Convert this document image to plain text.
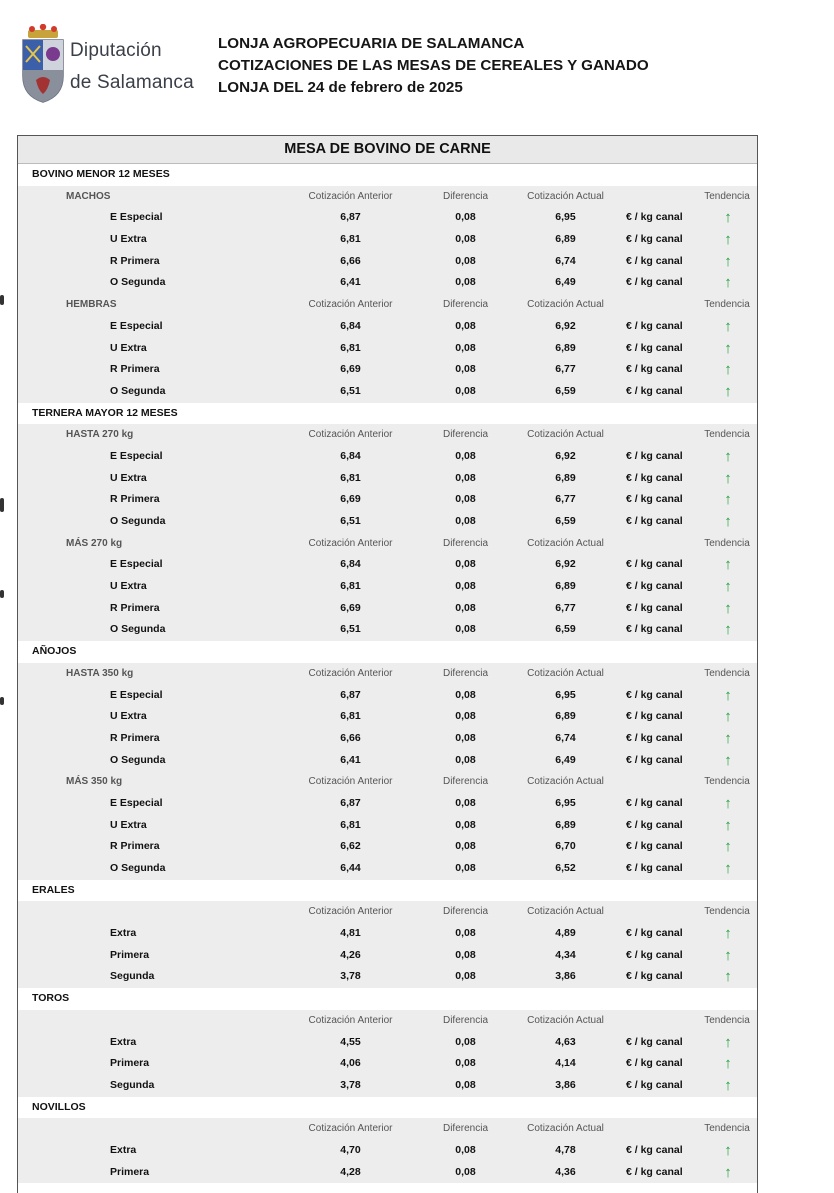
Diputación
de Salamanca
LONJA AGROPECUARIA DE SALAMANCA
COTIZACIONES DE LAS MESAS DE CEREALES Y GANADO
LONJA DEL 24 de febrero de 2025
MESA DE BOVINO DE CARNE
BOVINO MENOR 12 MESES
MACHOS	Cotización Anterior	Diferencia	Cotización Actual	Tendencia
E Especial	6,87	0,08	6,95	€ / kg canal	↑
U Extra	6,81	0,08	6,89	€ / kg canal	↑
R Primera	6,66	0,08	6,74	€ / kg canal	↑
O Segunda	6,41	0,08	6,49	€ / kg canal	↑
HEMBRAS	Cotización Anterior	Diferencia	Cotización Actual	Tendencia
E Especial	6,84	0,08	6,92	€ / kg canal	↑
U Extra	6,81	0,08	6,89	€ / kg canal	↑
R Primera	6,69	0,08	6,77	€ / kg canal	↑
O Segunda	6,51	0,08	6,59	€ / kg canal	↑
TERNERA MAYOR 12 MESES
HASTA 270 kg	Cotización Anterior	Diferencia	Cotización Actual	Tendencia
E Especial	6,84	0,08	6,92	€ / kg canal	↑
U Extra	6,81	0,08	6,89	€ / kg canal	↑
R Primera	6,69	0,08	6,77	€ / kg canal	↑
O Segunda	6,51	0,08	6,59	€ / kg canal	↑
MÁS 270 kg	Cotización Anterior	Diferencia	Cotización Actual	Tendencia
E Especial	6,84	0,08	6,92	€ / kg canal	↑
U Extra	6,81	0,08	6,89	€ / kg canal	↑
R Primera	6,69	0,08	6,77	€ / kg canal	↑
O Segunda	6,51	0,08	6,59	€ / kg canal	↑
AÑOJOS
HASTA 350 kg	Cotización Anterior	Diferencia	Cotización Actual	Tendencia
E Especial	6,87	0,08	6,95	€ / kg canal	↑
U Extra	6,81	0,08	6,89	€ / kg canal	↑
R Primera	6,66	0,08	6,74	€ / kg canal	↑
O Segunda	6,41	0,08	6,49	€ / kg canal	↑
MÁS 350 kg	Cotización Anterior	Diferencia	Cotización Actual	Tendencia
E Especial	6,87	0,08	6,95	€ / kg canal	↑
U Extra	6,81	0,08	6,89	€ / kg canal	↑
R Primera	6,62	0,08	6,70	€ / kg canal	↑
O Segunda	6,44	0,08	6,52	€ / kg canal	↑
ERALES
Cotización Anterior	Diferencia	Cotización Actual	Tendencia
Extra	4,81	0,08	4,89	€ / kg canal	↑
Primera	4,26	0,08	4,34	€ / kg canal	↑
Segunda	3,78	0,08	3,86	€ / kg canal	↑
TOROS
Cotización Anterior	Diferencia	Cotización Actual	Tendencia
Extra	4,55	0,08	4,63	€ / kg canal	↑
Primera	4,06	0,08	4,14	€ / kg canal	↑
Segunda	3,78	0,08	3,86	€ / kg canal	↑
NOVILLOS
Cotización Anterior	Diferencia	Cotización Actual	Tendencia
Extra	4,70	0,08	4,78	€ / kg canal	↑
Primera	4,28	0,08	4,36	€ / kg canal	↑
